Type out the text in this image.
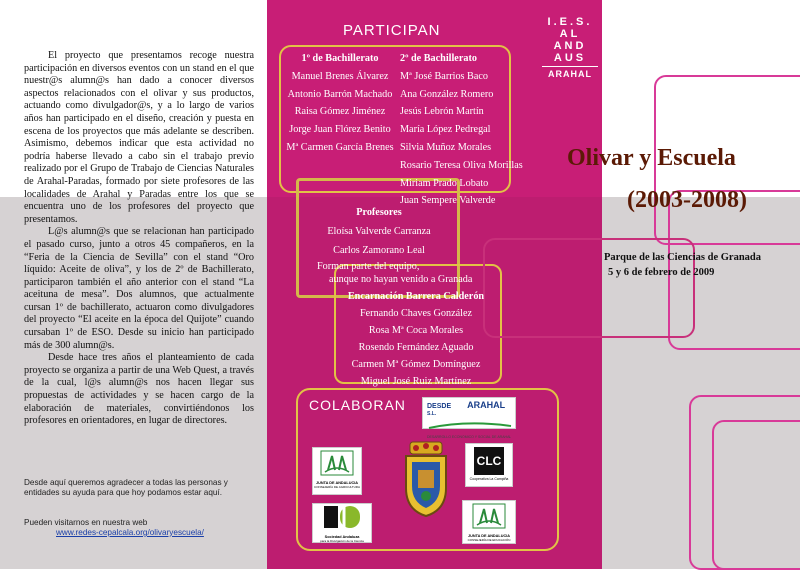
El proyecto que presentamos recoge nuestra participación en diversos eventos con un stand en el que nuestr@s alumn@s han dado a conocer diversos aspectos relacionados con el olivar y sus productos, actuando como divulgador@s, y a lo largo de varios años han participado en el diseño, creación y puesta en escena de los proyectos que más adelante se describen. Asimismo, debemos indicar que esta actividad no podría haberse llevado a cabo sin el trabajo previo realizado por el Grupo de Trabajo de Ciencias Naturales de Arahal-Paradas, formado por siete profesores de las localidades de Arahal y Paradas entre los que se encuentra uno de los profesores del proyecto que presentamos.

L@s alumn@s que se relacionan han participado el pasado curso, junto a otros 45 compañeros, en la “Feria de la Ciencia de Sevilla” con el stand “Oro líquido: Aceite de oliva”, y los de 2º de Bachillerato, participaron también el año anterior con el stand “La aceituna de mesa”. Dos alumnos, que actualmente cursan 1º de bachillerato, actuaron como divulgadores del proyecto “El aceite en la época del Quijote” cuando cursaban 1º de ESO. Desde su inicio han participado más de 300 alumn@s.

Desde hace tres años el planteamiento de cada proyecto se organiza a partir de una Web Quest, a través de la cual, l@s alumn@s nos hacen llegar sus propuestas de actividades y se hacen cargo de la elaboración de materiales, convirtiéndonos los profesores en orientadores, en lugar de directores.

Desde aquí queremos agradecer a todas las personas y entidades su ayuda para que hoy podamos estar aquí.
Pueden visitarnos en nuestra web
www.redes-cepalcala.org/olivaryescuela/
PARTICIPAN
1º de Bachillerato
Manuel Brenes Álvarez
Antonio Barrón Machado
Raisa Gómez Jiménez
Jorge Juan Flórez Benito
Mª Carmen García Brenes
2º de Bachillerato
Mª José Barrios Baco
Ana González Romero
Jesús Lebrón Martín
María López Pedregal
Silvia Muñoz Morales
Rosario Teresa Oliva Morillas
Miriam Prado Lobato
Juan Sempere Valverde
Profesores
Eloísa Valverde Carranza
Carlos Zamorano Leal
Forman parte del equipo,
aunque no hayan venido a Granada
Encarnación Barrera Calderón
Fernando Chaves González
Rosa Mª Coca Morales
Rosendo Fernández Aguado
Carmen Mª Gómez Domínguez
Miguel José Ruiz Martínez
COLABORAN
I.E.S.
AL
AND
AUS
ARAHAL
Olivar y Escuela
(2003-2008)
Parque de las Ciencias de Granada
5 y 6 de febrero de 2009
DESDE ARAHAL S.L.
DESARROLLO ECONÓMICO Y SOCIAL DE ARAHAL
JUNTA DE ANDALUCIA
CONSEJERÍA DE AGRICULTURA
CLC
Cooperativa La Campiña
Sociedad Andaluza
para la Divulgación de la Ciencia
JUNTA DE ANDALUCIA
CONSEJERÍA DE EDUCACIÓN
